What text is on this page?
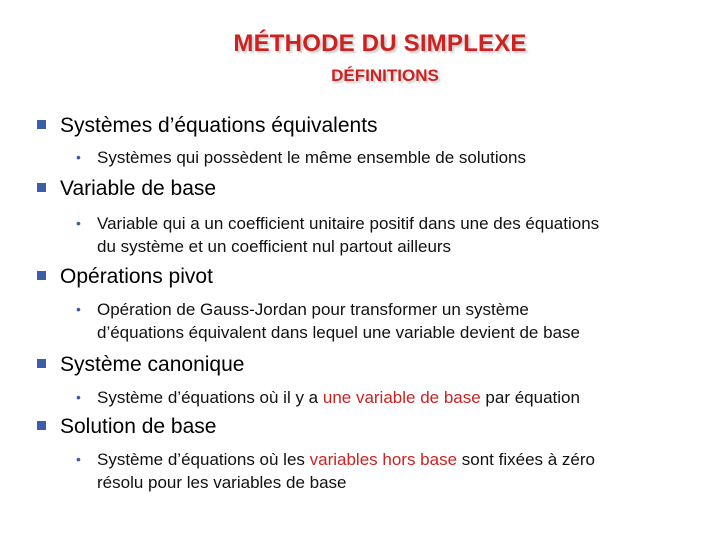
MÉTHODE DU SIMPLEXE
DÉFINITIONS
Systèmes d’équations équivalents
• Systèmes qui possèdent le même ensemble de solutions
Variable de base
• Variable qui a un coefficient unitaire positif dans une des équations
du système et un coefficient nul partout ailleurs
Opérations pivot
• Opération de Gauss-Jordan pour transformer un système
d’équations équivalent dans lequel une variable devient de base
Système canonique
• Système d’équations où il y a une variable de base par équation
Solution de base
• Système d’équations où les variables hors base sont fixées à zéro
résolu pour les variables de base
